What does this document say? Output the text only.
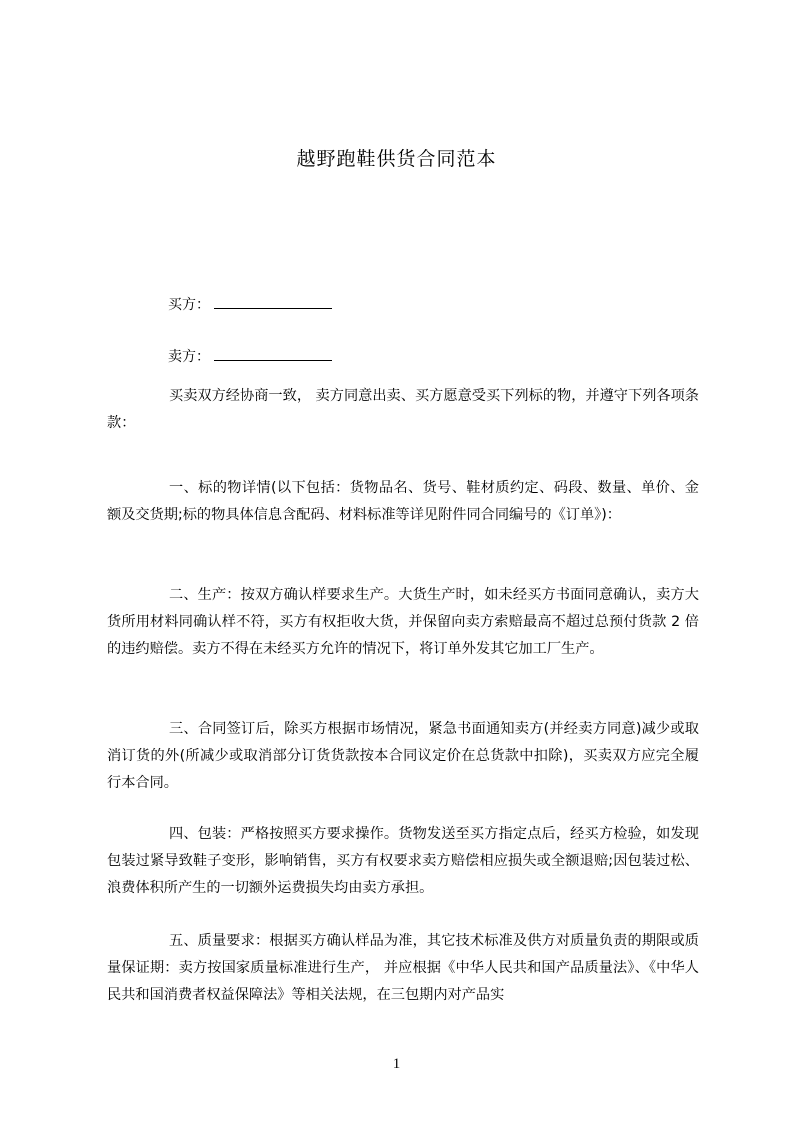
越野跑鞋供货合同范本
买方：
卖方：

买卖双方经协商一致， 卖方同意出卖、买方愿意受买下列标的物，并遵守下列各项条款：

一、标的物详情(以下包括：货物品名、货号、鞋材质约定、码段、数量、单价、金额及交货期;标的物具体信息含配码、材料标准等详见附件同合同编号的《订单》)：

二、生产：按双方确认样要求生产。大货生产时，如未经买方书面同意确认，卖方大货所用材料同确认样不符，买方有权拒收大货，并保留向卖方索赔最高不超过总预付货款 2 倍的违约赔偿。卖方不得在未经买方允许的情况下，将订单外发其它加工厂生产。

三、合同签订后，除买方根据市场情况，紧急书面通知卖方(并经卖方同意)减少或取消订货的外(所减少或取消部分订货货款按本合同议定价在总货款中扣除)，买卖双方应完全履行本合同。

四、包装：严格按照买方要求操作。货物发送至买方指定点后，经买方检验，如发现包装过紧导致鞋子变形，影响销售，买方有权要求卖方赔偿相应损失或全额退赔;因包装过松、浪费体积所产生的一切额外运费损失均由卖方承担。

五、质量要求：根据买方确认样品为准，其它技术标准及供方对质量负责的期限或质量保证期：卖方按国家质量标准进行生产， 并应根据《中华人民共和国产品质量法》、《中华人民共和国消费者权益保障法》等相关法规，在三包期内对产品实

1
